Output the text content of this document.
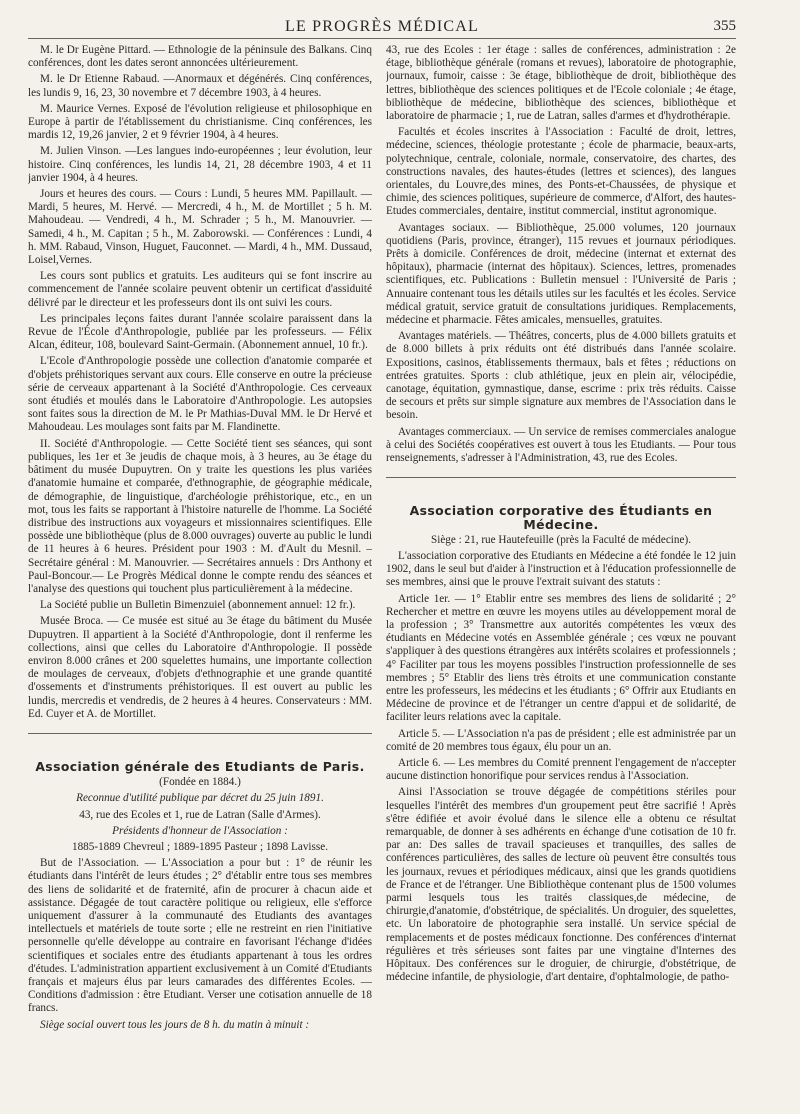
LE PROGRÈS MÉDICAL	355

M. le Dr Eugène Pittard. — Ethnologie de la péninsule des Balkans. Cinq conférences, dont les dates seront annoncées ultérieurement.

M. le Dr Etienne Rabaud. —Anormaux et dégénérés. Cinq conférences, les lundis 9, 16, 23, 30 novembre et 7 décembre 1903, à 4 heures.

M. Maurice Vernes. Exposé de l'évolution religieuse et philosophique en Europe à partir de l'établissement du christianisme. Cinq conférences, les mardis 12, 19,26 janvier, 2 et 9 février 1904, à 4 heures.

M. Julien Vinson. —Les langues indo-européennes ; leur évolution, leur histoire. Cinq conférences, les lundis 14, 21, 28 décembre 1903, 4 et 11 janvier 1904, à 4 heures.

Jours et heures des cours. — Cours : Lundi, 5 heures MM. Papillault. — Mardi, 5 heures, M. Hervé. — Mercredi, 4 h., M. de Mortillet ; 5 h. M. Mahoudeau. — Vendredi, 4 h., M. Schrader ; 5 h., M. Manouvrier. — Samedi, 4 h., M. Capitan ; 5 h., M. Zaborowski. — Conférences : Lundi, 4 h. MM. Rabaud, Vinson, Huguet, Fauconnet. — Mardi, 4 h., MM. Dussaud, Loisel,Vernes.

Les cours sont publics et gratuits. Les auditeurs qui se font inscrire au commencement de l'année scolaire peuvent obtenir un certificat d'assiduité délivré par le directeur et les professeurs dont ils ont suivi les cours.

Les principales leçons faites durant l'année scolaire paraissent dans la Revue de l'École d'Anthropologie, publiée par les professeurs. — Félix Alcan, éditeur, 108, boulevard Saint-Germain. (Abonnement annuel, 10 fr.).

L'Ecole d'Anthropologie possède une collection d'anatomie comparée et d'objets préhistoriques servant aux cours. Elle conserve en outre la précieuse série de cerveaux appartenant à la Société d'Anthropologie. Ces cerveaux sont étudiés et moulés dans le Laboratoire d'Anthropologie. Les autopsies sont faites sous la direction de M. le Pr Mathias-Duval MM. le Dr Hervé et Mahoudeau. Les moulages sont faits par M. Flandinette.

II. Société d'Anthropologie. — Cette Société tient ses séances, qui sont publiques, les 1er et 3e jeudis de chaque mois, à 3 heures, au 3e étage du bâtiment du musée Dupuytren. On y traite les questions les plus variées d'anatomie humaine et comparée, d'ethnographie, de géographie médicale, de démographie, de linguistique, d'archéologie préhistorique, etc., en un mot, tous les faits se rapportant à l'histoire naturelle de l'homme. La Société distribue des instructions aux voyageurs et missionnaires scientifiques. Elle possède une bibliothèque (plus de 8.000 ouvrages) ouverte au public le lundi de 11 heures à 6 heures. Président pour 1903 : M. d'Ault du Mesnil. – Secrétaire général : M. Manouvrier. — Secrétaires annuels : Drs Anthony et Paul-Boncour.— Le Progrès Médical donne le compte rendu des séances et l'analyse des questions qui touchent plus particulièrement à la médecine.

La Société publie un Bulletin Bimenzuiel (abonnement annuel: 12 fr.).

Musée Broca. — Ce musée est situé au 3e étage du bâtiment du Musée Dupuytren. Il appartient à la Société d'Anthropologie, dont il renferme les collections, ainsi que celles du Laboratoire d'Anthropologie. Il possède environ 8.000 crânes et 200 squelettes humains, une importante collection de moulages de cerveaux, d'objets d'ethnographie et une grande quantité d'ossements et d'instruments préhistoriques. Il est ouvert au public les lundis, mercredis et vendredis, de 2 heures à 4 heures. Conservateurs : MM. Ed. Cuyer et A. de Mortillet.

Association générale des Etudiants de Paris.

(Fondée en 1884.)

Reconnue d'utilité publique par décret du 25 juin 1891.

43, rue des Ecoles et 1, rue de Latran (Salle d'Armes).

Présidents d'honneur de l'Association :

1885-1889 Chevreul ; 1889-1895 Pasteur ; 1898 Lavisse.

But de l'Association. — L'Association a pour but : 1° de réunir les étudiants dans l'intérêt de leurs études ; 2° d'établir entre tous ses membres des liens de solidarité et de fraternité, afin de procurer à chacun aide et assistance. Dégagée de tout caractère politique ou religieux, elle s'efforce uniquement d'assurer à la communauté des Etudiants des avantages intellectuels et matériels de toute sorte ; elle ne restreint en rien l'initiative personnelle qu'elle développe au contraire en favorisant l'échange d'idées scientifiques et sociales entre des étudiants appartenant à tous les ordres d'études. L'administration appartient exclusivement à un Comité d'Etudiants français et majeurs élus par leurs camarades des différentes Ecoles. — Conditions d'admission : être Etudiant. Verser une cotisation annuelle de 18 francs.

Siège social ouvert tous les jours de 8 h. du matin à minuit :

43, rue des Ecoles : 1er étage : salles de conférences, administration : 2e étage, bibliothèque générale (romans et revues), laboratoire de photographie, journaux, fumoir, caisse : 3e étage, bibliothèque de droit, bibliothèque des lettres, bibliothèque des sciences politiques et de l'Ecole coloniale ; 4e étage, bibliothèque de médecine, bibliothèque des sciences, bibliothèque et laboratoire de pharmacie ; 1, rue de Latran, salles d'armes et d'hydrothérapie.

Facultés et écoles inscrites à l'Association : Faculté de droit, lettres, médecine, sciences, théologie protestante ; école de pharmacie, beaux-arts, polytechnique, centrale, coloniale, normale, conservatoire, des chartes, des constructions navales, des hautes-études (lettres et sciences), des langues orientales, du Louvre,des mines, des Ponts-et-Chaussées, de physique et chimie, des sciences politiques, supérieure de commerce, d'Alfort, des hautes-Etudes commerciales, dentaire, institut commercial, institut agronomique.

Avantages sociaux. — Bibliothèque, 25.000 volumes, 120 journaux quotidiens (Paris, province, étranger), 115 revues et journaux périodiques. Prêts à domicile. Conférences de droit, médecine (internat et externat des hôpitaux), pharmacie (internat des hôpitaux). Sciences, lettres, promenades scientifiques, etc. Publications : Bulletin mensuel : l'Université de Paris ; Annuaire contenant tous les détails utiles sur les facultés et les écoles. Service médical gratuit, service gratuit de consultations juridiques. Remplacements, médecine et pharmacie. Fêtes amicales, mensuelles, gratuites.

Avantages matériels. — Théâtres, concerts, plus de 4.000 billets gratuits et de 8.000 billets à prix réduits ont été distribués dans l'année scolaire. Expositions, casinos, établissements thermaux, bals et fêtes ; réductions on entrées gratuites. Sports : club athlétique, jeux en plein air, vélocipédie, canotage, équitation, gymnastique, danse, escrime : prix très réduits. Caisse de secours et prêts sur simple signature aux membres de l'Association dans le besoin.

Avantages commerciaux. — Un service de remises commerciales analogue à celui des Sociétés coopératives est ouvert à tous les Etudiants. — Pour tous renseignements, s'adresser à l'Administration, 43, rue des Ecoles.

Association corporative des Étudiants en Médecine.

Siège : 21, rue Hautefeuille (près la Faculté de médecine).

L'association corporative des Etudiants en Médecine a été fondée le 12 juin 1902, dans le seul but d'aider à l'instruction et à l'éducation professionnelle de ses membres, ainsi que le prouve l'extrait suivant des statuts :

Article 1er. — 1° Etablir entre ses membres des liens de solidarité ; 2° Rechercher et mettre en œuvre les moyens utiles au développement moral de la profession ; 3° Transmettre aux autorités compétentes les vœux des étudiants en Médecine votés en Assemblée générale ; ces vœux ne pouvant s'appliquer à des questions étrangères aux intérêts scolaires et professionnels ; 4° Faciliter par tous les moyens possibles l'instruction professionnelle de ses membres ; 5° Etablir des liens très étroits et une communication constante entre les professeurs, les médecins et les étudiants ; 6° Offrir aux Etudiants en Médecine de province et de l'étranger un centre d'appui et de solidarité, de faciliter leurs relations avec la capitale.

Article 5. — L'Association n'a pas de président ; elle est administrée par un comité de 20 membres tous égaux, élu pour un an.

Article 6. — Les membres du Comité prennent l'engagement de n'accepter aucune distinction honorifique pour services rendus à l'Association.

Ainsi l'Association se trouve dégagée de compétitions stériles pour lesquelles l'intérêt des membres d'un groupement peut être sacrifié ! Après s'être édifiée et avoir évolué dans le silence elle a obtenu ce résultat remarquable, de donner à ses adhérents en échange d'une cotisation de 10 fr. par an: Des salles de travail spacieuses et tranquilles, des salles de conférences particulières, des salles de lecture où peuvent être consultés tous les journaux, revues et périodiques médicaux, ainsi que les grands quotidiens de France et de l'étranger. Une Bibliothèque contenant plus de 1500 volumes parmi lesquels tous les traités classiques,de médecine, de chirurgie,d'anatomie, d'obstétrique, de spécialités. Un droguier, des squelettes, etc. Un laboratoire de photographie sera installé. Un service spécial de remplacements et de postes médicaux fonctionne. Des conférences d'internat régulières et très sérieuses sont faites par une vingtaine d'Internes des Hôpitaux. Des conférences sur le droguier, de chirurgie, d'obstétrique, de médecine infantile, de physiologie, d'art dentaire, d'ophtalmologie, de patho-
